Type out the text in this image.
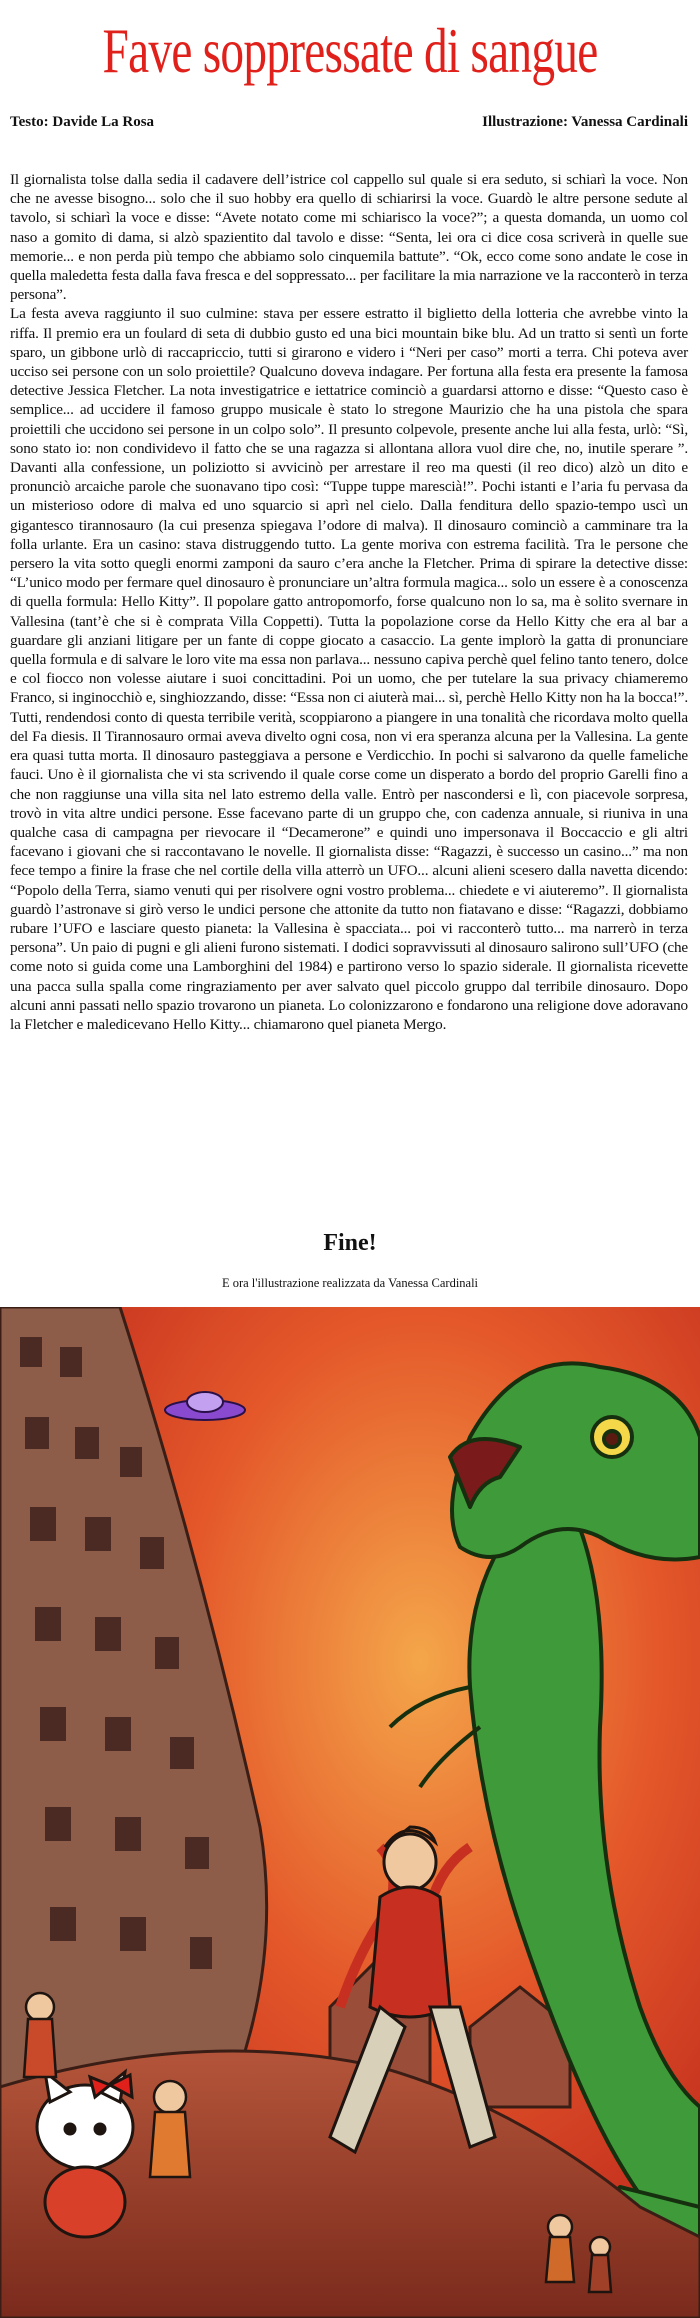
Fave soppressate di sangue
Testo: Davide La Rosa	Illustrazione: Vanessa Cardinali

Il giornalista tolse dalla sedia il cadavere dell’istrice col cappello sul quale si era seduto, si schiarì la voce. Non che ne avesse bisogno... solo che il suo hobby era quello di schiarirsi la voce. Guardò le altre persone sedute al tavolo, si schiarì la voce e disse: “Avete notato come mi schiarisco la voce?”; a questa domanda, un uomo col naso a gomito di dama, si alzò spazientito dal tavolo e disse: “Senta, lei ora ci dice cosa scriverà in quelle sue memorie... e non perda più tempo che abbiamo solo cinquemila battute”. “Ok, ecco come sono andate le cose in quella maledetta festa dalla fava fresca e del soppressato... per facilitare la mia narrazione ve la racconterò in terza persona”.

La festa aveva raggiunto il suo culmine: stava per essere estratto il biglietto della lotteria che avrebbe vinto la riffa. Il premio era un foulard di seta di dubbio gusto ed una bici mountain bike blu. Ad un tratto si sentì un forte sparo, un gibbone urlò di raccapriccio, tutti si girarono e videro i “Neri per caso” morti a terra. Chi poteva aver ucciso sei persone con un solo proiettile? Qualcuno doveva indagare. Per fortuna alla festa era presente la famosa detective Jessica Fletcher. La nota investigatrice e iettatrice cominciò a guardarsi attorno e disse: “Questo caso è semplice... ad uccidere il famoso gruppo musicale è stato lo stregone Maurizio che ha una pistola che spara proiettili che uccidono sei persone in un colpo solo”. Il presunto colpevole, presente anche lui alla festa, urlò: “Sì, sono stato io: non condividevo il fatto che se una ragazza si allontana allora vuol dire che, no, inutile sperare ”. Davanti alla confessione, un poliziotto si avvicinò per arrestare il reo ma questi (il reo dico) alzò un dito e pronunciò arcaiche parole che suonavano tipo così: “Tuppe tuppe marescià!”. Pochi istanti e l’aria fu pervasa da un misterioso odore di malva ed uno squarcio si aprì nel cielo. Dalla fenditura dello spazio-tempo uscì un gigantesco tirannosauro (la cui presenza spiegava l’odore di malva). Il dinosauro cominciò a camminare tra la folla urlante. Era un casino: stava distruggendo tutto. La gente moriva con estrema facilità. Tra le persone che persero la vita sotto quegli enormi zamponi da sauro c’era anche la Fletcher. Prima di spirare la detective disse: “L’unico modo per fermare quel dinosauro è pronunciare un’altra formula magica... solo un essere è a conoscenza di quella formula: Hello Kitty”. Il popolare gatto antropomorfo, forse qualcuno non lo sa, ma è solito svernare in Vallesina (tant’è che si è comprata Villa Coppetti). Tutta la popolazione corse da Hello Kitty che era al bar a guardare gli anziani litigare per un fante di coppe giocato a casaccio. La gente implorò la gatta di pronunciare quella formula e di salvare le loro vite ma essa non parlava... nessuno capiva perchè quel felino tanto tenero, dolce e col fiocco non volesse aiutare i suoi concittadini. Poi un uomo, che per tutelare la sua privacy chiameremo Franco, si inginocchiò e, singhiozzando, disse: “Essa non ci aiuterà mai... sì, perchè Hello Kitty non ha la bocca!”. Tutti, rendendosi conto di questa terribile verità, scoppiarono a piangere in una tonalità che ricordava molto quella del Fa diesis. Il Tirannosauro ormai aveva divelto ogni cosa, non vi era speranza alcuna per la Vallesina. La gente era quasi tutta morta. Il dinosauro pasteggiava a persone e Verdicchio. In pochi si salvarono da quelle fameliche fauci. Uno è il giornalista che vi sta scrivendo il quale corse come un disperato a bordo del proprio Garelli fino a che non raggiunse una villa sita nel lato estremo della valle. Entrò per nascondersi e lì, con piacevole sorpresa, trovò in vita altre undici persone. Esse facevano parte di un gruppo che, con cadenza annuale, si riuniva in una qualche casa di campagna per rievocare il “Decamerone” e quindi uno impersonava il Boccaccio e gli altri facevano i giovani che si raccontavano le novelle. Il giornalista disse: “Ragazzi, è successo un casino...” ma non fece tempo a finire la frase che nel cortile della villa atterrò un UFO... alcuni alieni scesero dalla navetta dicendo: “Popolo della Terra, siamo venuti qui per risolvere ogni vostro problema... chiedete e vi aiuteremo”. Il giornalista guardò l’astronave si girò verso le undici persone che attonite da tutto non fiatavano e disse: “Ragazzi, dobbiamo rubare l’UFO e lasciare questo pianeta: la Vallesina è spacciata... poi vi racconterò tutto... ma narrerò in terza persona”. Un paio di pugni e gli alieni furono sistemati. I dodici sopravvissuti al dinosauro salirono sull’UFO (che come noto si guida come una Lamborghini del 1984) e partirono verso lo spazio siderale. Il giornalista ricevette una pacca sulla spalla come ringraziamento per aver salvato quel piccolo gruppo dal terribile dinosauro. Dopo alcuni anni passati nello spazio trovarono un pianeta. Lo colonizzarono e fondarono una religione dove adoravano la Fletcher e maledicevano Hello Kitty... chiamarono quel pianeta Mergo.

Fine!
E ora l'illustrazione realizzata da Vanessa Cardinali
